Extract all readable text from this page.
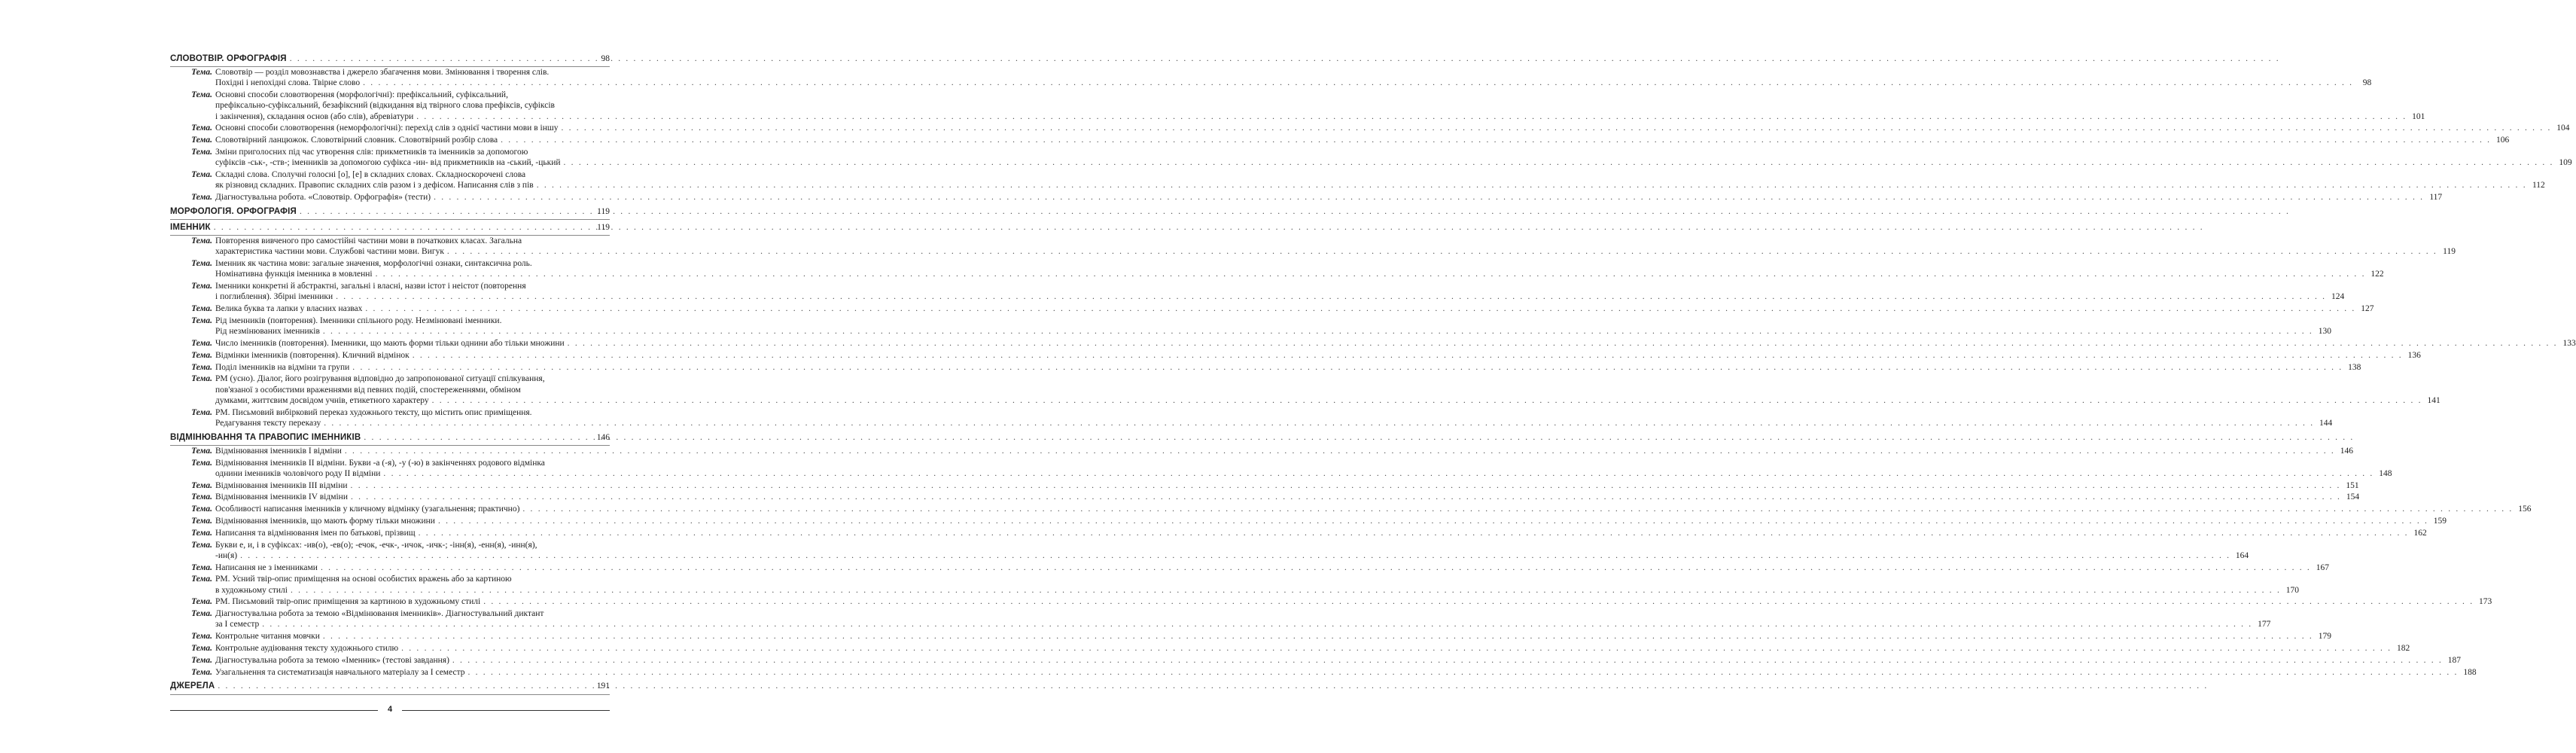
СЛОВОТВІР. ОРФОГРАФІЯ . . .	98
Тема. Словотвір — розділ мовознавства і джерело збагачення мови. Змінювання і творення слів.
Похідні і непохідні слова. Твірне слово . . .	98
Тема. Основні способи словотворення (морфологічні): префіксальний, суфіксальний,
префіксально-суфіксальний, безафіксний (відкидання від твірного слова префіксів, суфіксів
і закінчення), складання основ (або слів), абревіатури . . .	101
Тема. Основні способи словотворення (неморфологічні): перехід слів з однієї частини мови в іншу . . .	104
Тема. Словотвірний ланцюжок. Словотвірний словник. Словотвірний розбір слова . . .	106
Тема. Зміни приголосних під час утворення слів: прикметників та іменників за допомогою
суфіксів -ськ-, -ств-; іменників за допомогою суфікса -ин- від прикметників на -ський, -цький . . .	109
Тема. Складні слова. Сполучні голосні [о], [е] в складних словах. Складноскорочені слова
як різновид складних. Правопис складних слів разом і з дефісом. Написання слів з пів . . .	112
Тема. Діагностувальна робота. «Словотвір. Орфографія» (тести) . . .	117
МОРФОЛОГІЯ. ОРФОГРАФІЯ . . .	119
ІМЕННИК . . .	119
Тема. Повторення вивченого про самостійні частини мови в початкових класах. Загальна
характеристика частини мови. Службові частини мови. Вигук . . .	119
Тема. Іменник як частина мови: загальне значення, морфологічні ознаки, синтаксична роль.
Номінативна функція іменника в мовленні . . .	122
Тема. Іменники конкретні й абстрактні, загальні і власні, назви істот і неістот (повторення
і поглиблення). Збірні іменники . . .	124
Тема. Велика буква та лапки у власних назвах . . .	127
Тема. Рід іменників (повторення). Іменники спільного роду. Незмінювані іменники.
Рід незмінюваних іменників . . .	130
Тема. Число іменників (повторення). Іменники, що мають форми тільки однини або тільки множини . . .	133
Тема. Відмінки іменників (повторення). Кличний відмінок . . .	136
Тема. Поділ іменників на відміни та групи . . .	138
Тема. РМ (усно). Діалог, його розігрування відповідно до запропонованої ситуації спілкування,
пов'язаної з особистими враженнями від певних подій, спостереженнями, обміном
думками, життєвим досвідом учнів, етикетного характеру . . .	141
Тема. РМ. Письмовий вибірковий переказ художнього тексту, що містить опис приміщення.
Редагування тексту переказу . . .	144
ВІДМІНЮВАННЯ ТА ПРАВОПИС ІМЕННИКІВ . . .	146
Тема. Відмінювання іменників І відміни . . .	146
Тема. Відмінювання іменників ІІ відміни. Букви -а (-я), -у (-ю) в закінченнях родового відмінка
однини іменників чоловічого роду ІІ відміни . . .	148
Тема. Відмінювання іменників ІІІ відміни . . .	151
Тема. Відмінювання іменників IV відміни . . .	154
Тема. Особливості написання іменників у кличному відмінку (узагальнення; практично) . . .	156
Тема. Відмінювання іменників, що мають форму тільки множини . . .	159
Тема. Написання та відмінювання імен по батькові, прізвищ . . .	162
Тема. Букви е, и, і в суфіксах: -ив(о), -ев(о); -ечок, -ечк-, -ичок, -ичк-; -інн(я), -енн(я), -инн(я),
-ин(я) . . .	164
Тема. Написання не з іменниками . . .	167
Тема. РМ. Усний твір-опис приміщення на основі особистих вражень або за картиною
в художньому стилі . . .	170
Тема. РМ. Письмовий твір-опис приміщення за картиною в художньому стилі . . .	173
Тема. Діагностувальна робота за темою «Відмінювання іменників». Діагностувальний диктант
за І семестр . . .	177
Тема. Контрольне читання мовчки . . .	179
Тема. Контрольне аудіювання тексту художнього стилю . . .	182
Тема. Діагностувальна робота за темою «Іменник» (тестові завдання) . . .	187
Тема. Узагальнення та систематизація навчального матеріалу за І семестр . . .	188
ДЖЕРЕЛА . . .	191
4
